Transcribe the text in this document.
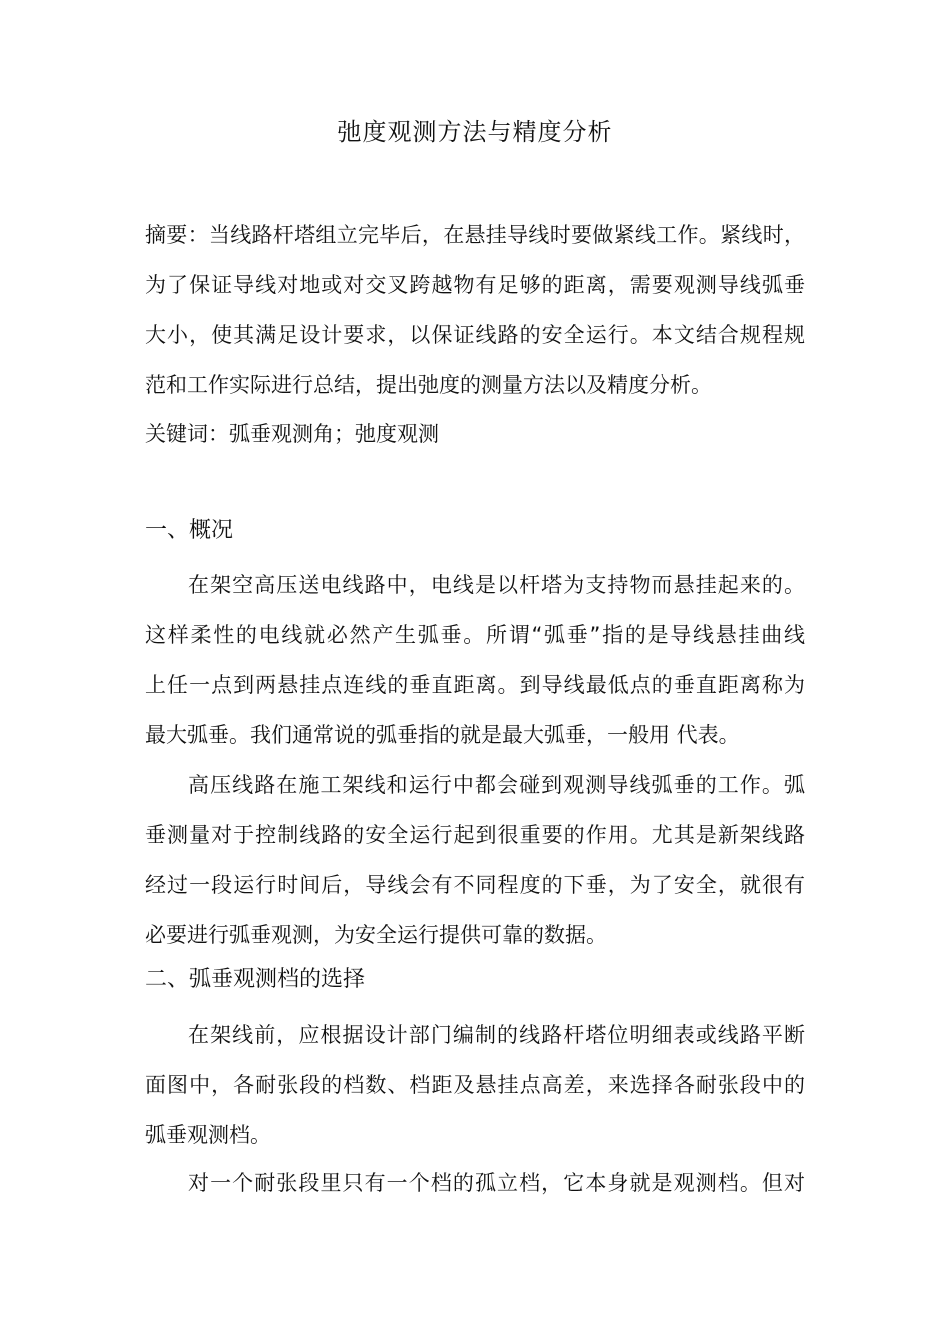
弛度观测方法与精度分析

摘要：当线路杆塔组立完毕后，在悬挂导线时要做紧线工作。紧线时，

为了保证导线对地或对交叉跨越物有足够的距离，需要观测导线弧垂

大小，使其满足设计要求，以保证线路的安全运行。本文结合规程规

范和工作实际进行总结，提出弛度的测量方法以及精度分析。

关键词：弧垂观测角；弛度观测

一、概况

在架空高压送电线路中，电线是以杆塔为支持物而悬挂起来的。

这样柔性的电线就必然产生弧垂。所谓“弧垂”指的是导线悬挂曲线

上任一点到两悬挂点连线的垂直距离。到导线最低点的垂直距离称为

最大弧垂。我们通常说的弧垂指的就是最大弧垂，一般用 代表。

高压线路在施工架线和运行中都会碰到观测导线弧垂的工作。弧

垂测量对于控制线路的安全运行起到很重要的作用。尤其是新架线路

经过一段运行时间后，导线会有不同程度的下垂，为了安全，就很有

必要进行弧垂观测，为安全运行提供可靠的数据。

二、弧垂观测档的选择

在架线前，应根据设计部门编制的线路杆塔位明细表或线路平断

面图中，各耐张段的档数、档距及悬挂点高差，来选择各耐张段中的

弧垂观测档。

对一个耐张段里只有一个档的孤立档，它本身就是观测档。但对
